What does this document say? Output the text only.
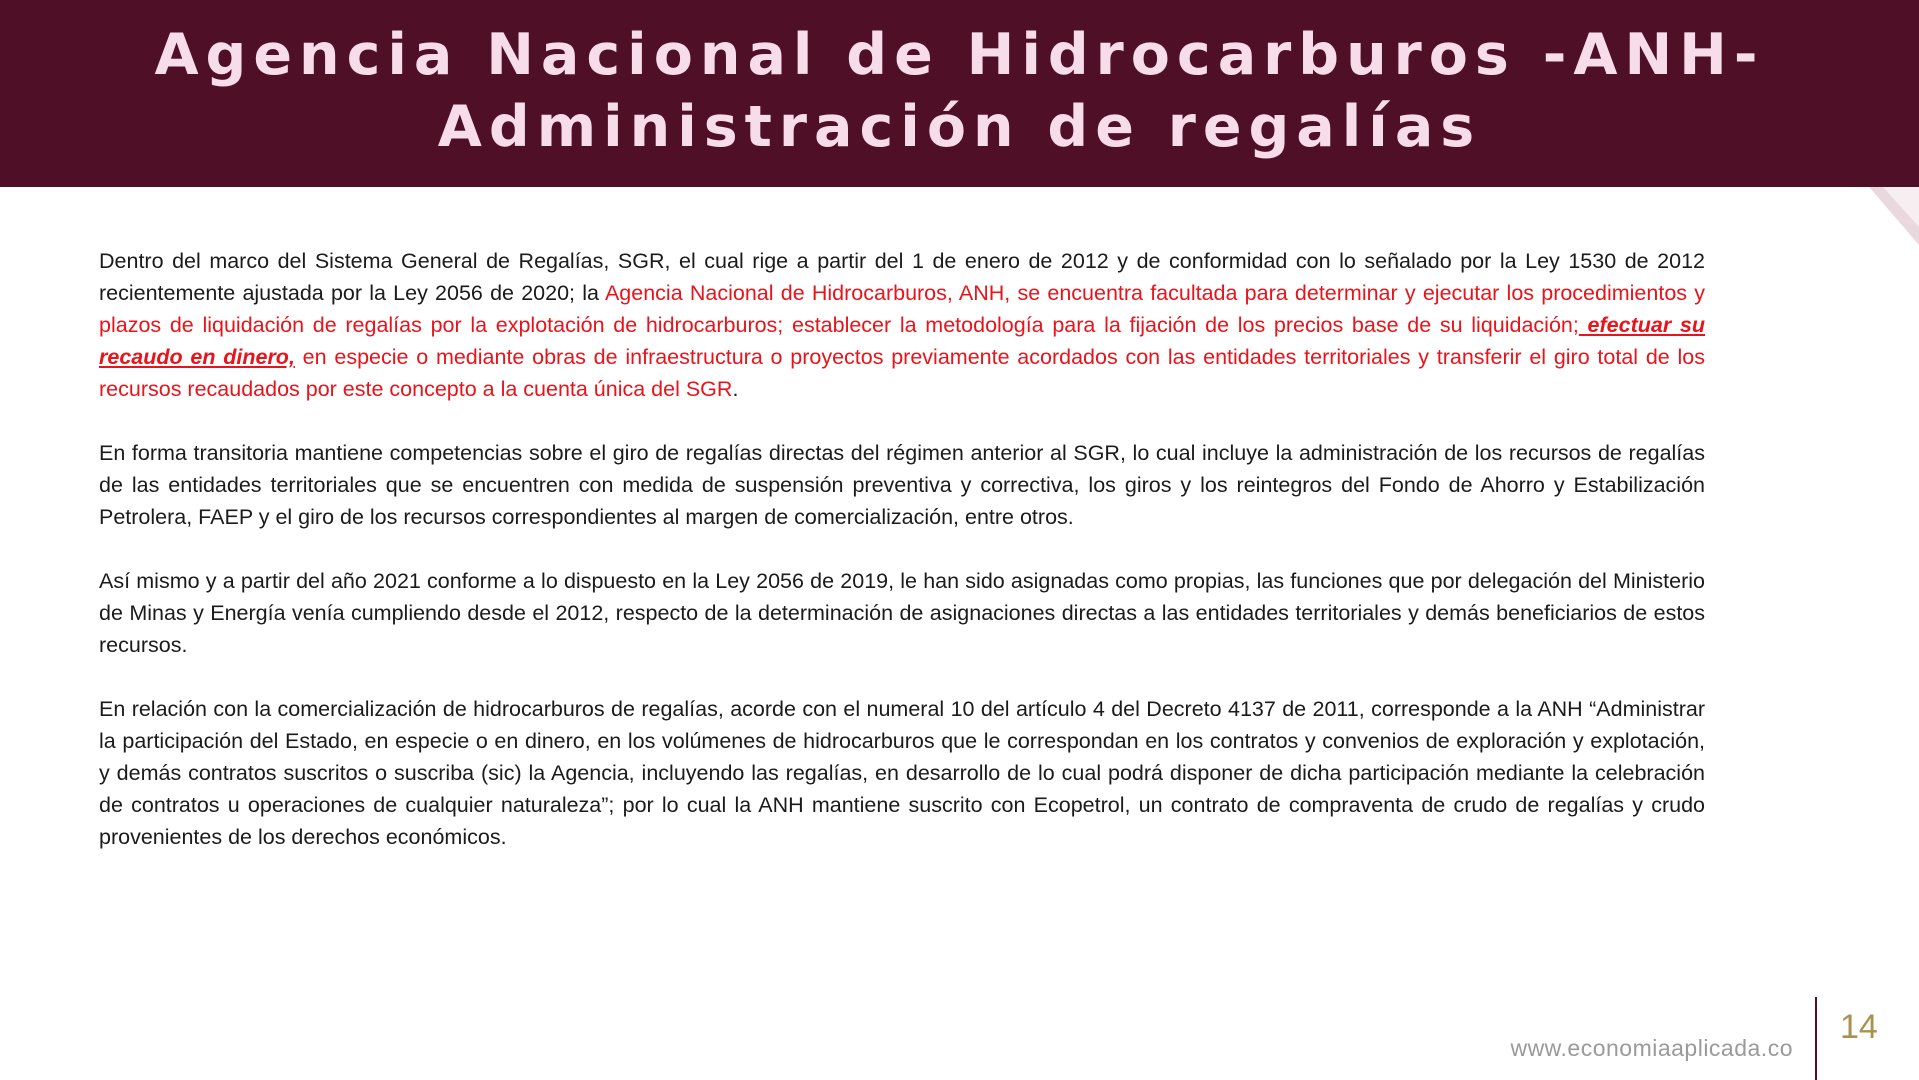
Agencia Nacional de Hidrocarburos -ANH-
Administración de regalías

Dentro del marco del Sistema General de Regalías, SGR, el cual rige a partir del 1 de enero de 2012 y de conformidad con lo señalado por la Ley 1530 de 2012 recientemente ajustada por la Ley 2056 de 2020; la Agencia Nacional de Hidrocarburos, ANH, se encuentra facultada para determinar y ejecutar los procedimientos y plazos de liquidación de regalías por la explotación de hidrocarburos; establecer la metodología para la fijación de los precios base de su liquidación; efectuar su recaudo en dinero, en especie o mediante obras de infraestructura o proyectos previamente acordados con las entidades territoriales y transferir el giro total de los recursos recaudados por este concepto a la cuenta única del SGR.

En forma transitoria mantiene competencias sobre el giro de regalías directas del régimen anterior al SGR, lo cual incluye la administración de los recursos de regalías de las entidades territoriales que se encuentren con medida de suspensión preventiva y correctiva, los giros y los reintegros del Fondo de Ahorro y Estabilización Petrolera, FAEP y el giro de los recursos correspondientes al margen de comercialización, entre otros.

Así mismo y a partir del año 2021 conforme a lo dispuesto en la Ley 2056 de 2019, le han sido asignadas como propias, las funciones que por delegación del Ministerio de Minas y Energía venía cumpliendo desde el 2012, respecto de la determinación de asignaciones directas a las entidades territoriales y demás beneficiarios de estos recursos.

En relación con la comercialización de hidrocarburos de regalías, acorde con el numeral 10 del artículo 4 del Decreto 4137 de 2011, corresponde a la ANH “Administrar la participación del Estado, en especie o en dinero, en los volúmenes de hidrocarburos que le correspondan en los contratos y convenios de exploración y explotación, y demás contratos suscritos o suscriba (sic) la Agencia, incluyendo las regalías, en desarrollo de lo cual podrá disponer de dicha participación mediante la celebración de contratos u operaciones de cualquier naturaleza”; por lo cual la ANH mantiene suscrito con Ecopetrol, un contrato de compraventa de crudo de regalías y crudo provenientes de los derechos económicos.

www.economiaaplicada.co
14
